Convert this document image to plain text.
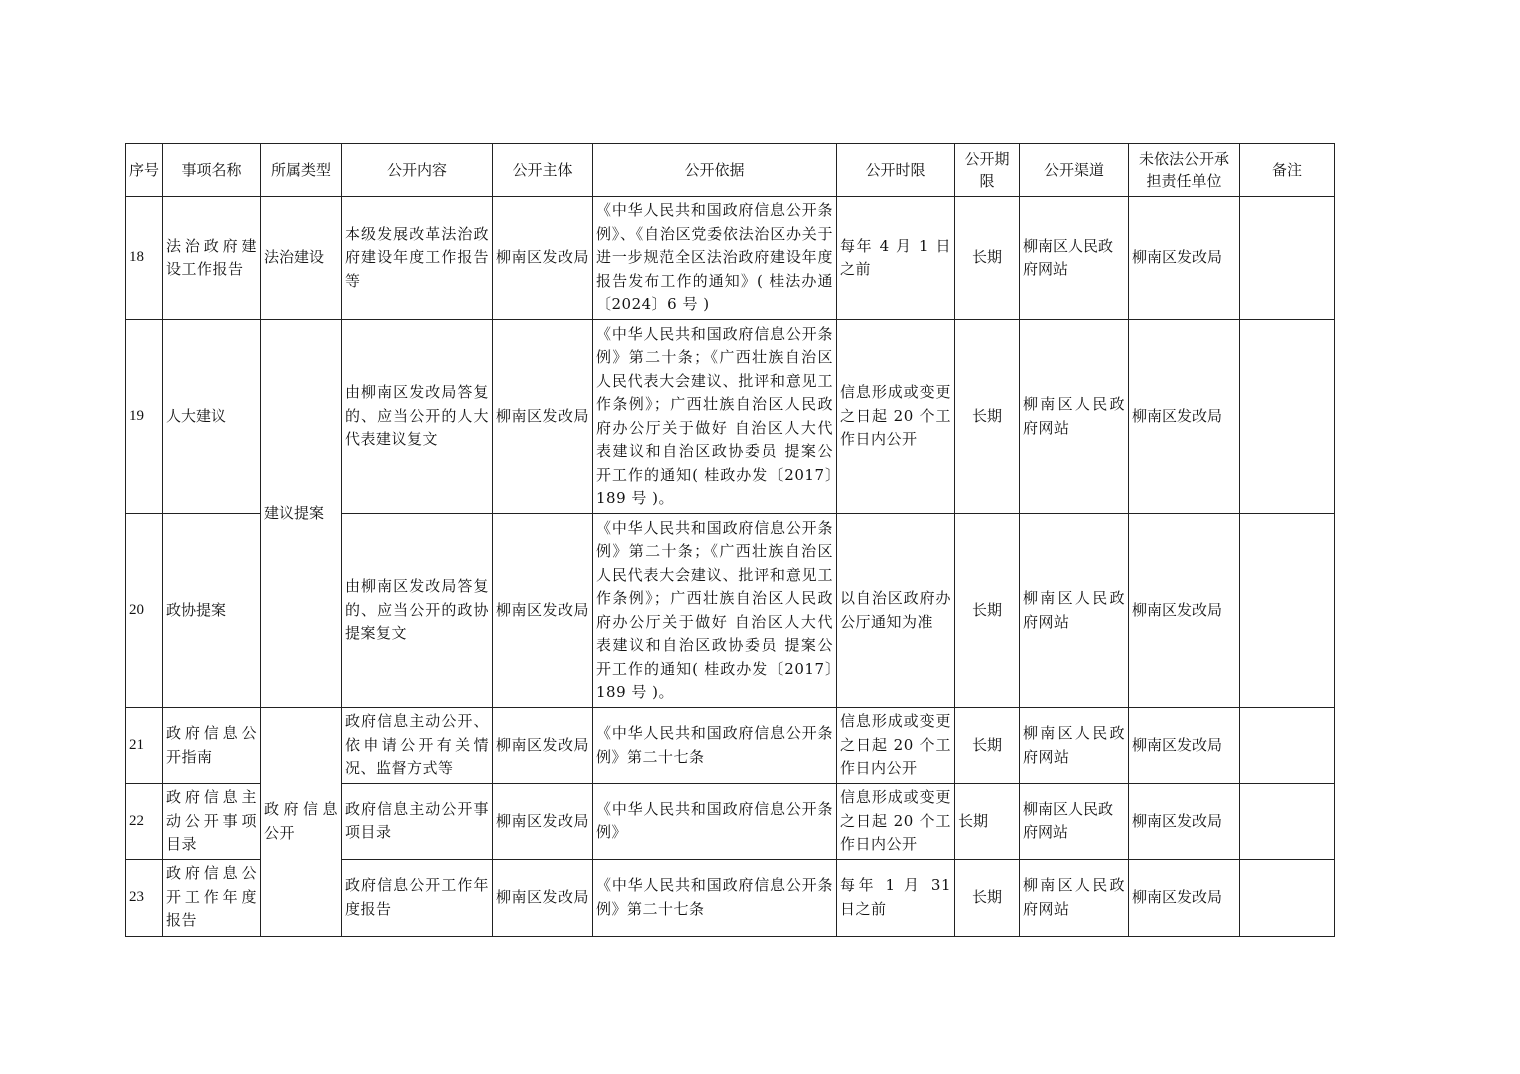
序号	事项名称	所属类型	公开内容	公开主体	公开依据	公开时限	公开期限	公开渠道	未依法公开承担责任单位	备注
18	法治政府建设工作报告	法治建设	本级发展改革法治政府建设年度工作报告等	柳南区发改局	《中华人民共和国政府信息公开条例》、《自治区党委依法治区办关于进一步规范全区法治政府建设年度报告发布工作的通知》( 桂法办通〔2024〕6 号 )	每年 4 月 1 日之前	长期	柳南区人民政府网站	柳南区发改局	
19	人大建议	建议提案	由柳南区发改局答复的、应当公开的人大代表建议复文	柳南区发改局	《中华人民共和国政府信息公开条例》第二十条；《广西壮族自治区人民代表大会建议、批评和意见工作条例》；广西壮族自治区人民政府办公厅关于做好 自治区人大代表建议和自治区政协委员 提案公开工作的通知( 桂政办发〔2017〕189 号 )。	信息形成或变更之日起 20 个工作日内公开	长期	柳南区人民政府网站	柳南区发改局	
20	政协提案		由柳南区发改局答复的、应当公开的政协提案复文	柳南区发改局	《中华人民共和国政府信息公开条例》第二十条；《广西壮族自治区人民代表大会建议、批评和意见工作条例》；广西壮族自治区人民政府办公厅关于做好 自治区人大代表建议和自治区政协委员 提案公开工作的通知( 桂政办发〔2017〕189 号 )。	以自治区政府办公厅通知为准	长期	柳南区人民政府网站	柳南区发改局	
21	政府信息公开指南	政府信息公开	政府信息主动公开、依申请公开有关情况、监督方式等	柳南区发改局	《中华人民共和国政府信息公开条例》第二十七条	信息形成或变更之日起 20 个工作日内公开	长期	柳南区人民政府网站	柳南区发改局	
22	政府信息主动公开事项目录		政府信息主动公开事项目录	柳南区发改局	《中华人民共和国政府信息公开条例》	信息形成或变更之日起 20 个工作日内公开	长期	柳南区人民政府网站	柳南区发改局	
23	政府信息公开工作年度报告		政府信息公开工作年度报告	柳南区发改局	《中华人民共和国政府信息公开条例》第二十七条	每年 1 月 31 日之前	长期	柳南区人民政府网站	柳南区发改局	
